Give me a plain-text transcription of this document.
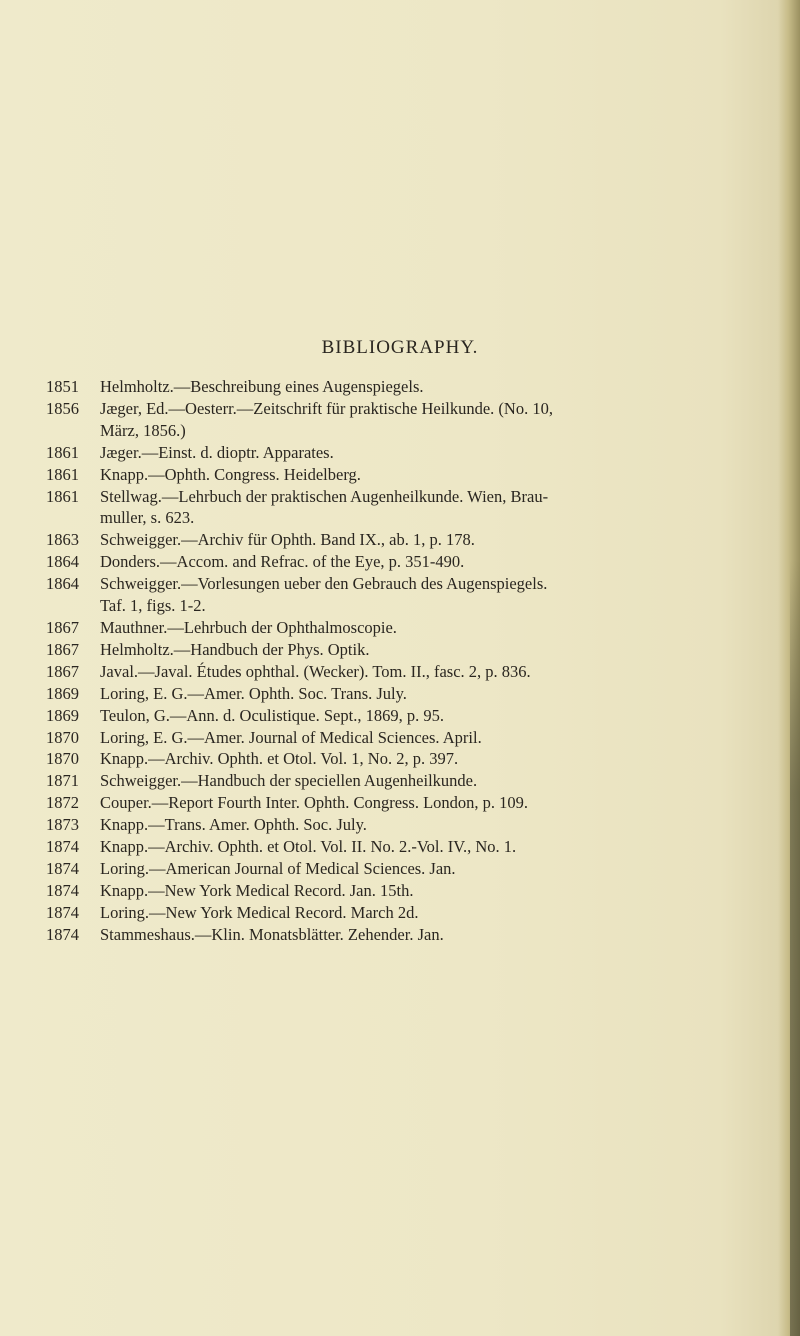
BIBLIOGRAPHY.
1851	Helmholtz.—Beschreibung eines Augenspiegels.
1856	Jæger, Ed.—Oesterr.—Zeitschrift für praktische Heilkunde. (No. 10,
März, 1856.)
1861	Jæger.—Einst. d. dioptr. Apparates.
1861	Knapp.—Ophth. Congress. Heidelberg.
1861	Stellwag.—Lehrbuch der praktischen Augenheilkunde. Wien, Brau-
muller, s. 623.
1863	Schweigger.—Archiv für Ophth. Band IX., ab. 1, p. 178.
1864	Donders.—Accom. and Refrac. of the Eye, p. 351-490.
1864	Schweigger.—Vorlesungen ueber den Gebrauch des Augenspiegels.
Taf. 1, figs. 1-2.
1867	Mauthner.—Lehrbuch der Ophthalmoscopie.
1867	Helmholtz.—Handbuch der Phys. Optik.
1867	Javal.—Javal. Études ophthal. (Wecker). Tom. II., fasc. 2, p. 836.
1869	Loring, E. G.—Amer. Ophth. Soc. Trans. July.
1869	Teulon, G.—Ann. d. Oculistique. Sept., 1869, p. 95.
1870	Loring, E. G.—Amer. Journal of Medical Sciences. April.
1870	Knapp.—Archiv. Ophth. et Otol. Vol. 1, No. 2, p. 397.
1871	Schweigger.—Handbuch der speciellen Augenheilkunde.
1872	Couper.—Report Fourth Inter. Ophth. Congress. London, p. 109.
1873	Knapp.—Trans. Amer. Ophth. Soc. July.
1874	Knapp.—Archiv. Ophth. et Otol. Vol. II. No. 2.-Vol. IV., No. 1.
1874	Loring.—American Journal of Medical Sciences. Jan.
1874	Knapp.—New York Medical Record. Jan. 15th.
1874	Loring.—New York Medical Record. March 2d.
1874	Stammeshaus.—Klin. Monatsblätter. Zehender. Jan.
